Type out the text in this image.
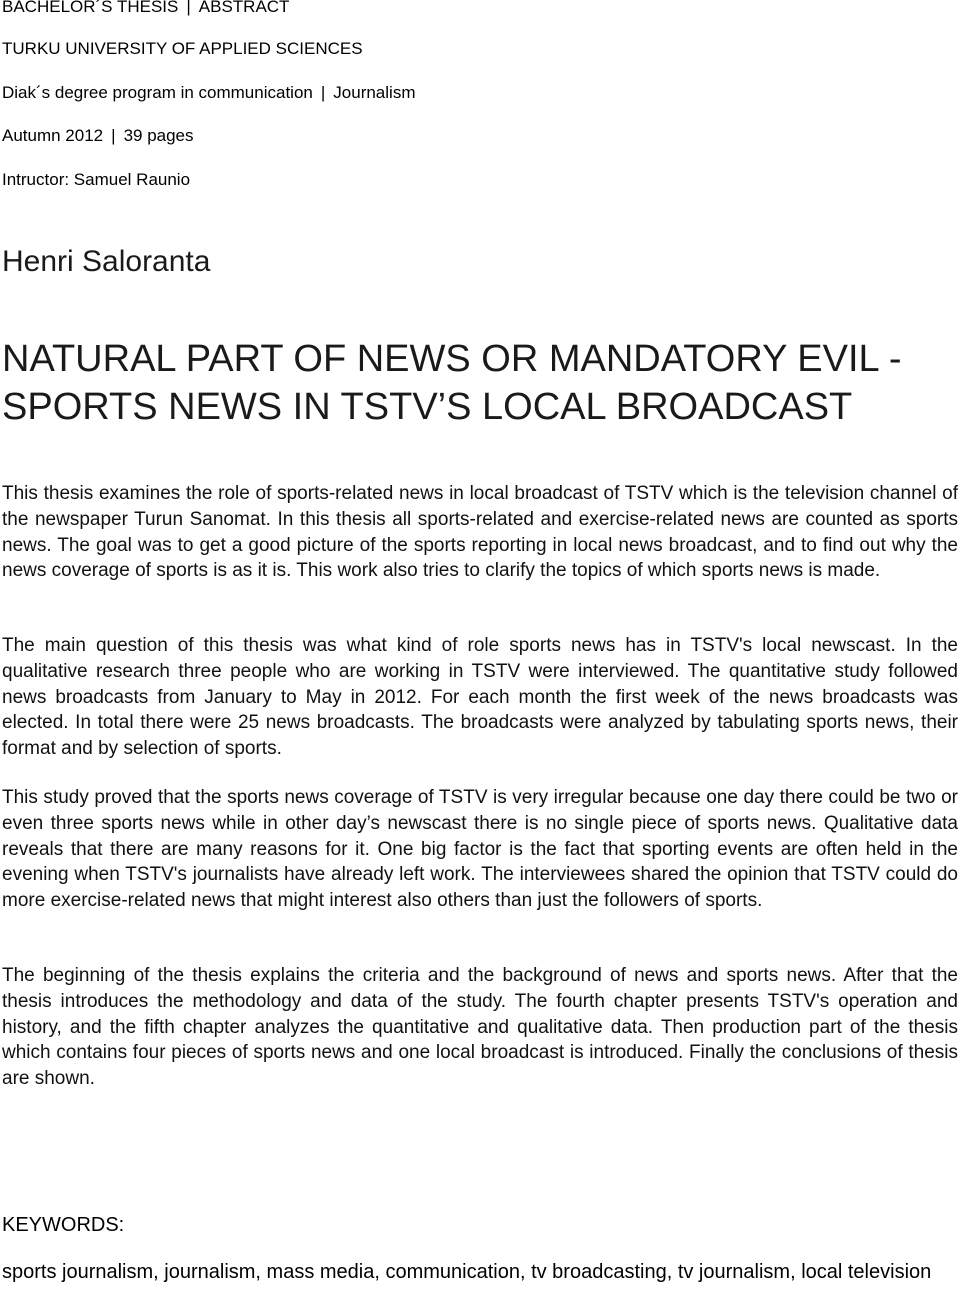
BACHELOR´S THESIS | ABSTRACT
TURKU UNIVERSITY OF APPLIED SCIENCES
Diak´s degree program in communication | Journalism
Autumn 2012 | 39 pages
Intructor: Samuel Raunio
Henri Saloranta
NATURAL PART OF NEWS OR MANDATORY EVIL - SPORTS NEWS IN TSTV’S LOCAL BROADCAST

This thesis examines the role of sports-related news in local broadcast of TSTV which is the television channel of the newspaper Turun Sanomat. In this thesis all sports-related and exercise-related news are counted as sports news. The goal was to get a good picture of the sports reporting in local news broadcast, and to find out why the news coverage of sports is as it is. This work also tries to clarify the topics of which sports news is made.

The main question of this thesis was what kind of role sports news has in TSTV's local newscast. In the qualitative research three people who are working in TSTV were interviewed. The quantitative study followed news broadcasts from January to May in 2012. For each month the first week of the news broadcasts was elected. In total there were 25 news broadcasts. The broadcasts were analyzed by tabulating sports news, their format and by selection of sports.

This study proved that the sports news coverage of TSTV is very irregular because one day there could be two or even three sports news while in other day’s newscast there is no single piece of sports news. Qualitative data reveals that there are many reasons for it. One big factor is the fact that sporting events are often held in the evening when TSTV's journalists have already left work. The interviewees shared the opinion that TSTV could do more exercise-related news that might interest also others than just the followers of sports.

The beginning of the thesis explains the criteria and the background of news and sports news. After that the thesis introduces the methodology and data of the study. The fourth chapter presents TSTV's operation and history, and the fifth chapter analyzes the quantitative and qualitative data. Then production part of the thesis which contains four pieces of sports news and one local broadcast is introduced. Finally the conclusions of thesis are shown.

KEYWORDS:

sports journalism, journalism, mass media, communication, tv broadcasting, tv journalism, local television
